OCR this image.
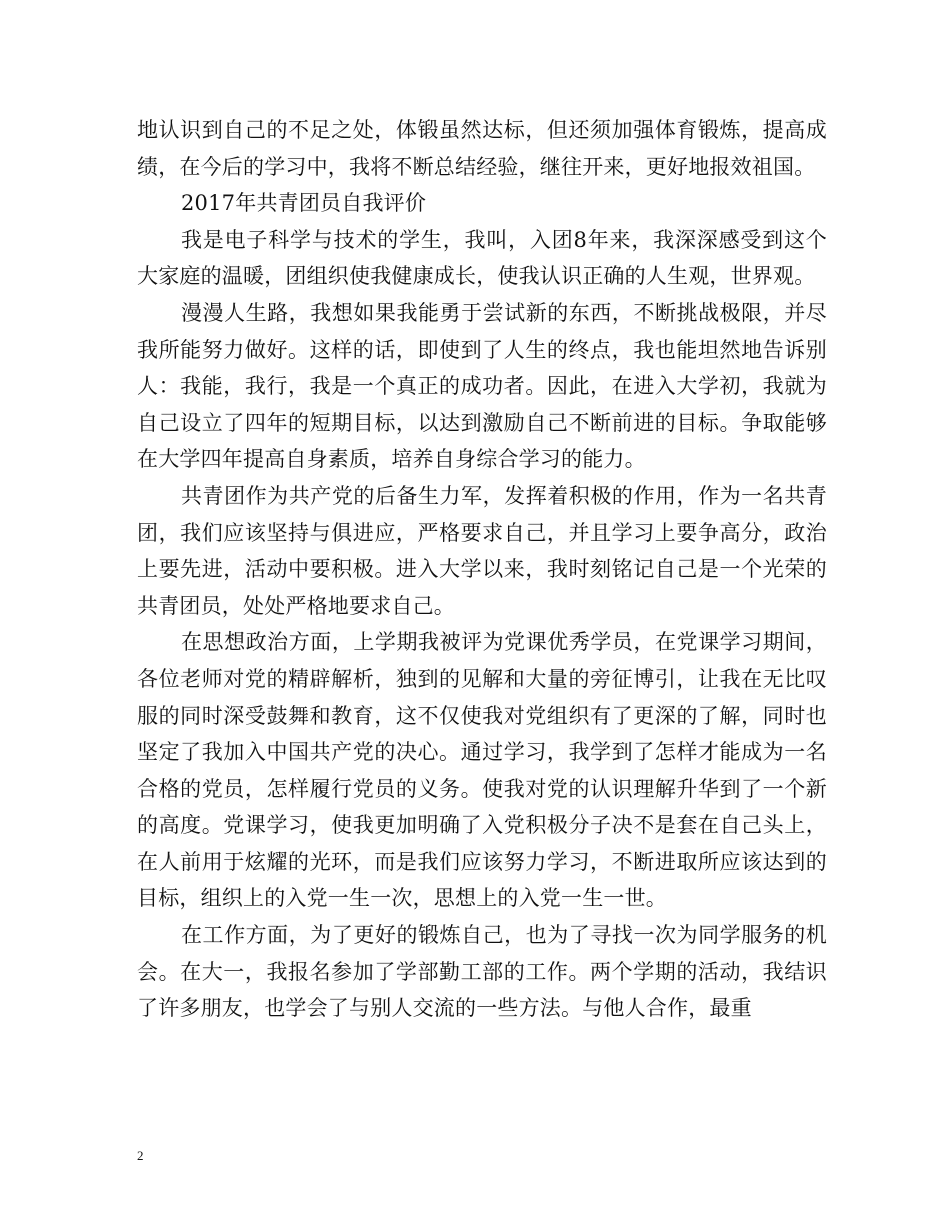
地认识到自己的不足之处，体锻虽然达标，但还须加强体育锻炼，提高成绩，在今后的学习中，我将不断总结经验，继往开来，更好地报效祖国。

2017年共青团员自我评价

我是电子科学与技术的学生，我叫，入团8年来，我深深感受到这个大家庭的温暖，团组织使我健康成长，使我认识正确的人生观，世界观。

漫漫人生路，我想如果我能勇于尝试新的东西，不断挑战极限，并尽我所能努力做好。这样的话，即使到了人生的终点，我也能坦然地告诉别人：我能，我行，我是一个真正的成功者。因此，在进入大学初，我就为自己设立了四年的短期目标，以达到激励自己不断前进的目标。争取能够在大学四年提高自身素质，培养自身综合学习的能力。

共青团作为共产党的后备生力军，发挥着积极的作用，作为一名共青团，我们应该坚持与俱进应，严格要求自己，并且学习上要争高分，政治上要先进，活动中要积极。进入大学以来，我时刻铭记自己是一个光荣的共青团员，处处严格地要求自己。

在思想政治方面，上学期我被评为党课优秀学员，在党课学习期间，各位老师对党的精辟解析，独到的见解和大量的旁征博引，让我在无比叹服的同时深受鼓舞和教育，这不仅使我对党组织有了更深的了解，同时也坚定了我加入中国共产党的决心。通过学习，我学到了怎样才能成为一名合格的党员，怎样履行党员的义务。使我对党的认识理解升华到了一个新的高度。党课学习，使我更加明确了入党积极分子决不是套在自己头上，在人前用于炫耀的光环，而是我们应该努力学习，不断进取所应该达到的目标，组织上的入党一生一次，思想上的入党一生一世。

在工作方面，为了更好的锻炼自己，也为了寻找一次为同学服务的机会。在大一，我报名参加了学部勤工部的工作。两个学期的活动，我结识了许多朋友，也学会了与别人交流的一些方法。与他人合作，最重

2
